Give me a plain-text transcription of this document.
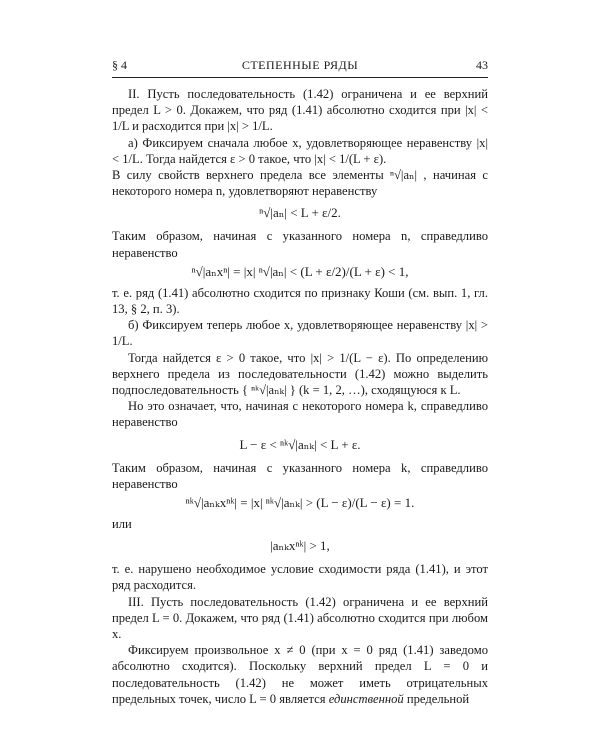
§ 4	СТЕПЕННЫЕ РЯДЫ	43

II. Пусть последовательность (1.42) ограничена и ее верхний предел L > 0. Докажем, что ряд (1.41) абсолютно сходится при |x| < 1/L и расходится при |x| > 1/L.

а) Фиксируем сначала любое x, удовлетворяющее неравенству |x| < 1/L. Тогда найдется ε > 0 такое, что |x| < 1/(L + ε).

В силу свойств верхнего предела все элементы ⁿ√|aₙ| , начиная с некоторого номера n, удовлетворяют неравенству

ⁿ√|aₙ| < L + ε/2.

Таким образом, начиная с указанного номера n, справедливо неравенство

ⁿ√|aₙxⁿ| = |x| ⁿ√|aₙ| < (L + ε/2)/(L + ε) < 1,

т. е. ряд (1.41) абсолютно сходится по признаку Коши (см. вып. 1, гл. 13, § 2, п. 3).

б) Фиксируем теперь любое x, удовлетворяющее неравенству |x| > 1/L.

Тогда найдется ε > 0 такое, что |x| > 1/(L − ε). По определению верхнего предела из последовательности (1.42) можно выделить подпоследовательность { ⁿᵏ√|aₙₖ| } (k = 1, 2, …), сходящуюся к L.

Но это означает, что, начиная с некоторого номера k, справедливо неравенство

L − ε < ⁿᵏ√|aₙₖ| < L + ε.

Таким образом, начиная с указанного номера k, справедливо неравенство

ⁿᵏ√|aₙₖxⁿᵏ| = |x| ⁿᵏ√|aₙₖ| > (L − ε)/(L − ε) = 1.

или

|aₙₖxⁿᵏ| > 1,

т. е. нарушено необходимое условие сходимости ряда (1.41), и этот ряд расходится.

III. Пусть последовательность (1.42) ограничена и ее верхний предел L = 0. Докажем, что ряд (1.41) абсолютно сходится при любом x.

Фиксируем произвольное x ≠ 0 (при x = 0 ряд (1.41) заведомо абсолютно сходится). Поскольку верхний предел L = 0 и последовательность (1.42) не может иметь отрицательных предельных точек, число L = 0 является единственной предельной
